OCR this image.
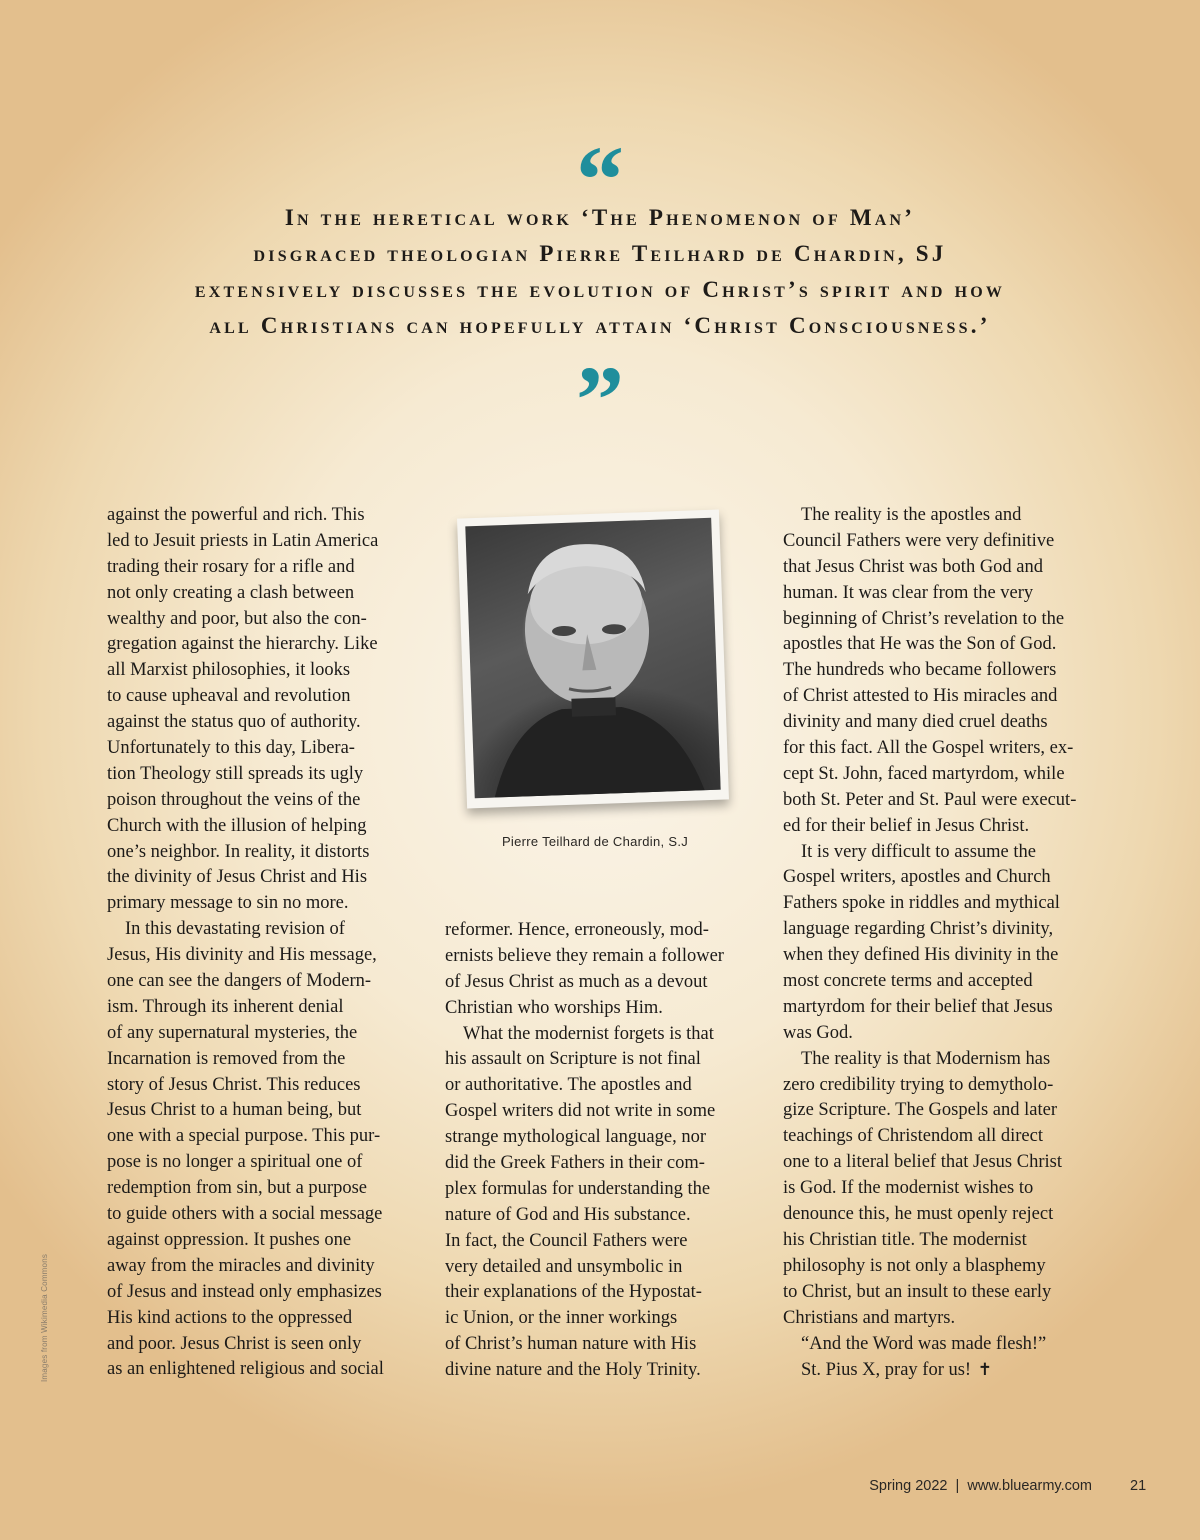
“
In the heretical work ‘The Phenomenon of Man’
disgraced theologian Pierre Teilhard de Chardin, SJ
extensively discusses the evolution of Christ’s spirit and how
all Christians can hopefully attain ‘Christ Consciousness.’
”
against the powerful and rich. This
led to Jesuit priests in Latin America
trading their rosary for a rifle and
not only creating a clash between
wealthy and poor, but also the con-
gregation against the hierarchy. Like
all Marxist philosophies, it looks
to cause upheaval and revolution
against the status quo of authority.
Unfortunately to this day, Libera-
tion Theology still spreads its ugly
poison throughout the veins of the
Church with the illusion of helping
one’s neighbor. In reality, it distorts
the divinity of Jesus Christ and His
primary message to sin no more.
In this devastating revision of
Jesus, His divinity and His message,
one can see the dangers of Modern-
ism. Through its inherent denial
of any supernatural mysteries, the
Incarnation is removed from the
story of Jesus Christ. This reduces
Jesus Christ to a human being, but
one with a special purpose. This pur-
pose is no longer a spiritual one of
redemption from sin, but a purpose
to guide others with a social message
against oppression. It pushes one
away from the miracles and divinity
of Jesus and instead only emphasizes
His kind actions to the oppressed
and poor. Jesus Christ is seen only
as an enlightened religious and social
Pierre Teilhard de Chardin, S.J
reformer. Hence, erroneously, mod-
ernists believe they remain a follower
of Jesus Christ as much as a devout
Christian who worships Him.
What the modernist forgets is that
his assault on Scripture is not final
or authoritative. The apostles and
Gospel writers did not write in some
strange mythological language, nor
did the Greek Fathers in their com-
plex formulas for understanding the
nature of God and His substance.
In fact, the Council Fathers were
very detailed and unsymbolic in
their explanations of the Hypostat-
ic Union, or the inner workings
of Christ’s human nature with His
divine nature and the Holy Trinity.
The reality is the apostles and
Council Fathers were very definitive
that Jesus Christ was both God and
human. It was clear from the very
beginning of Christ’s revelation to the
apostles that He was the Son of God.
The hundreds who became followers
of Christ attested to His miracles and
divinity and many died cruel deaths
for this fact. All the Gospel writers, ex-
cept St. John, faced martyrdom, while
both St. Peter and St. Paul were execut-
ed for their belief in Jesus Christ.
It is very difficult to assume the
Gospel writers, apostles and Church
Fathers spoke in riddles and mythical
language regarding Christ’s divinity,
when they defined His divinity in the
most concrete terms and accepted
martyrdom for their belief that Jesus
was God.
The reality is that Modernism has
zero credibility trying to demytholo-
gize Scripture. The Gospels and later
teachings of Christendom all direct
one to a literal belief that Jesus Christ
is God. If the modernist wishes to
denounce this, he must openly reject
his Christian title. The modernist
philosophy is not only a blasphemy
to Christ, but an insult to these early
Christians and martyrs.
“And the Word was made flesh!”
St. Pius X, pray for us! ✝
Images from Wikimedia Commons
Spring 2022 | www.bluearmy.com	21
